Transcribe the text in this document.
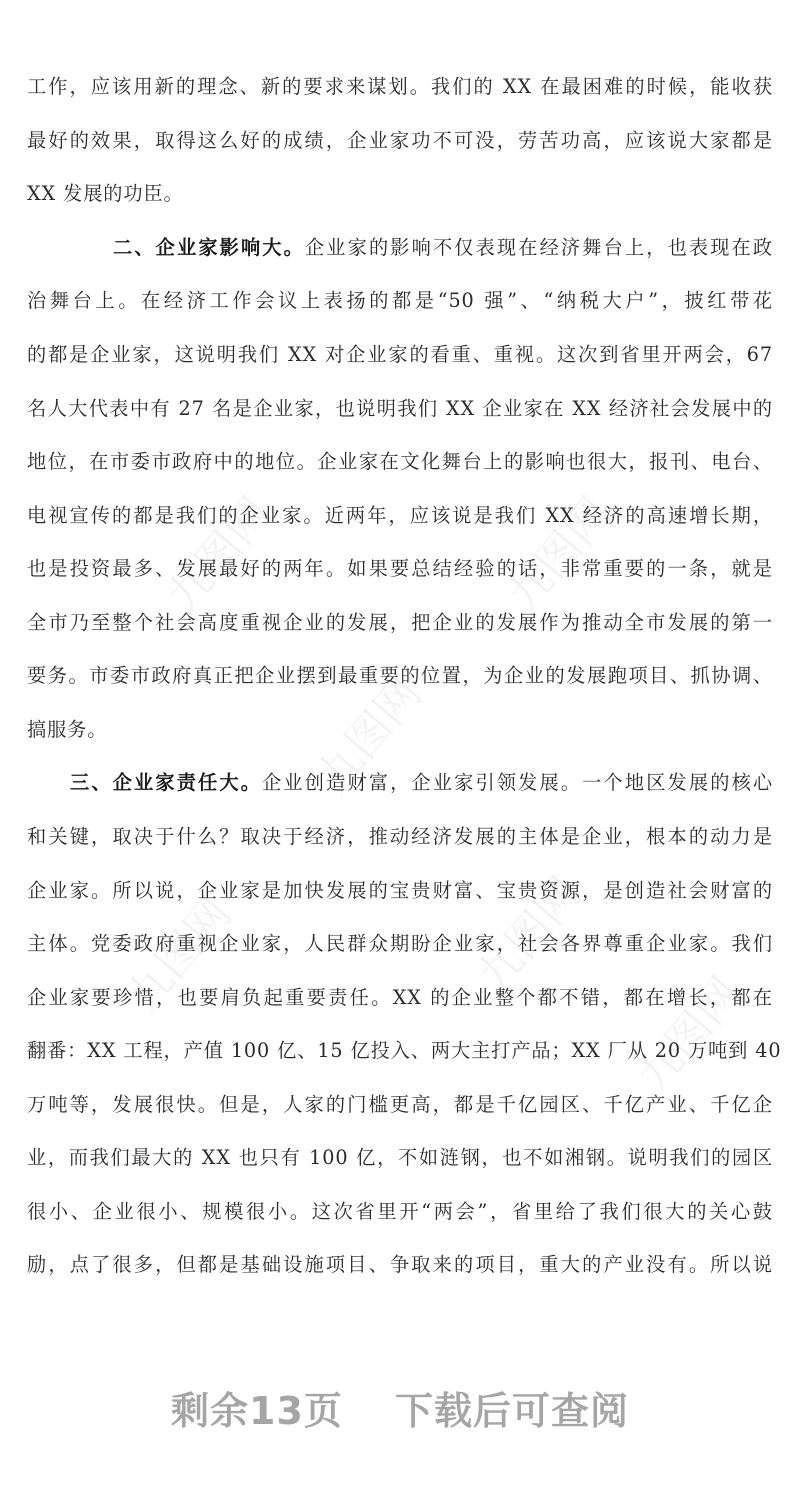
工作，应该用新的理念、新的要求来谋划。我们的 XX 在最困难的时候，能收获
最好的效果，取得这么好的成绩，企业家功不可没，劳苦功高，应该说大家都是
XX 发展的功臣。
二、企业家影响大。企业家的影响不仅表现在经济舞台上，也表现在政
治舞台上。在经济工作会议上表扬的都是“50 强”、“纳税大户”，披红带花
的都是企业家，这说明我们 XX 对企业家的看重、重视。这次到省里开两会，67
名人大代表中有 27 名是企业家，也说明我们 XX 企业家在 XX 经济社会发展中的
地位，在市委市政府中的地位。企业家在文化舞台上的影响也很大，报刊、电台、
电视宣传的都是我们的企业家。近两年，应该说是我们 XX 经济的高速增长期，
也是投资最多、发展最好的两年。如果要总结经验的话，非常重要的一条，就是
全市乃至整个社会高度重视企业的发展，把企业的发展作为推动全市发展的第一
要务。市委市政府真正把企业摆到最重要的位置，为企业的发展跑项目、抓协调、
搞服务。
三、企业家责任大。企业创造财富，企业家引领发展。一个地区发展的核心
和关键，取决于什么？取决于经济，推动经济发展的主体是企业，根本的动力是
企业家。所以说，企业家是加快发展的宝贵财富、宝贵资源，是创造社会财富的
主体。党委政府重视企业家，人民群众期盼企业家，社会各界尊重企业家。我们
企业家要珍惜，也要肩负起重要责任。XX 的企业整个都不错，都在增长，都在
翻番：XX 工程，产值 100 亿、15 亿投入、两大主打产品；XX 厂从 20 万吨到 40
万吨等，发展很快。但是，人家的门槛更高，都是千亿园区、千亿产业、千亿企
业，而我们最大的 XX 也只有 100 亿，不如涟钢，也不如湘钢。说明我们的园区
很小、企业很小、规模很小。这次省里开“两会”，省里给了我们很大的关心鼓
励，点了很多，但都是基础设施项目、争取来的项目，重大的产业没有。所以说
剩余13页 下载后可查阅
